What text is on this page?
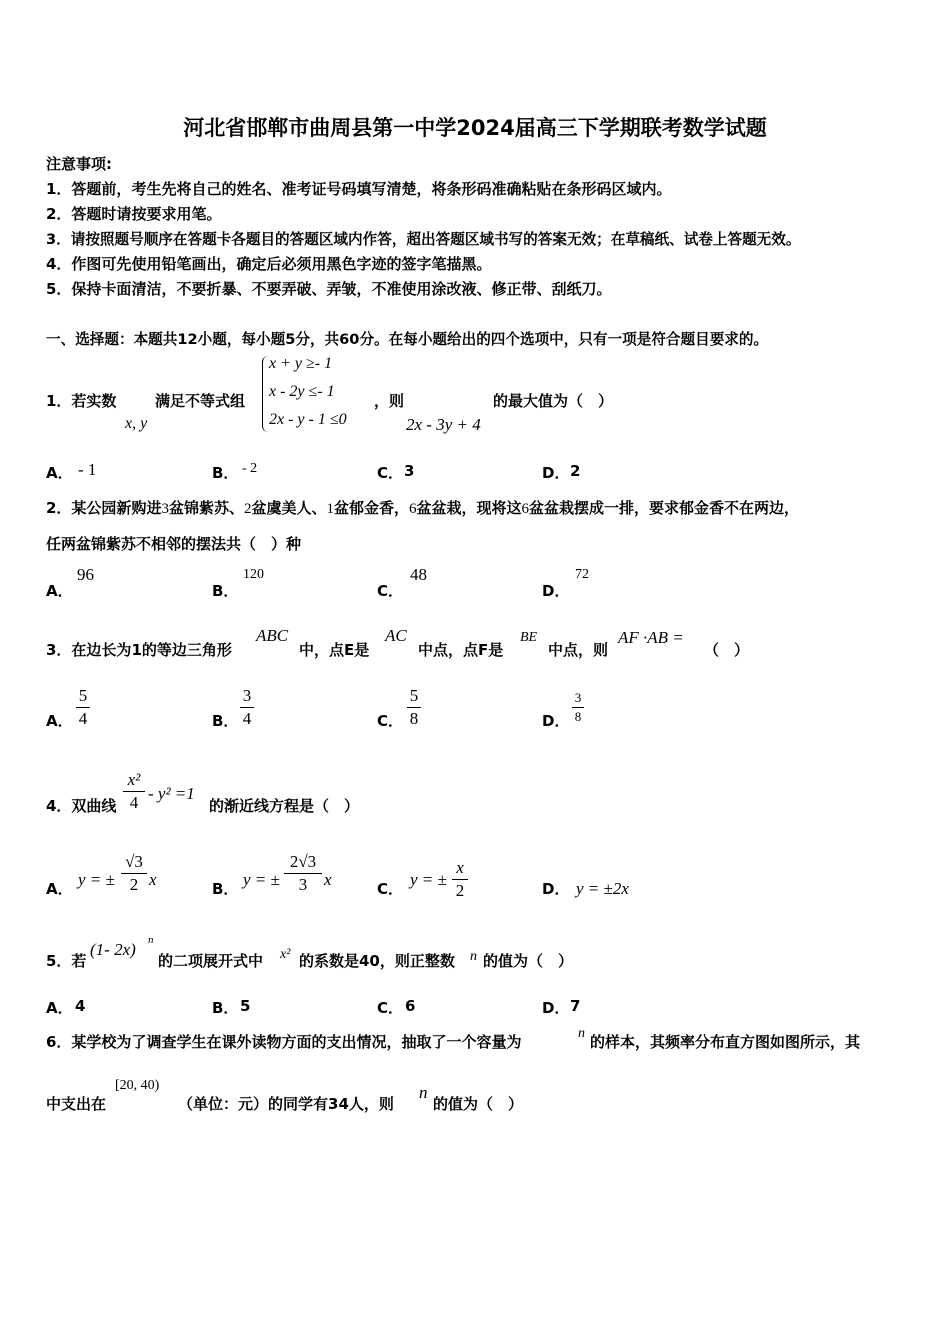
河北省邯郸市曲周县第一中学2024届高三下学期联考数学试题
注意事项:
1．答题前，考生先将自己的姓名、准考证号码填写清楚，将条形码准确粘贴在条形码区域内。
2．答题时请按要求用笔。
3．请按照题号顺序在答题卡各题目的答题区域内作答，超出答题区域书写的答案无效；在草稿纸、试卷上答题无效。
4．作图可先使用铅笔画出，确定后必须用黑色字迹的签字笔描黑。
5．保持卡面清洁，不要折暴、不要弄破、弄皱，不准使用涂改液、修正带、刮纸刀。
一、选择题：本题共12小题，每小题5分，共60分。在每小题给出的四个选项中，只有一项是符合题目要求的。
1．若实数
x, y
满足不等式组
x + y ≥- 1
x - 2y ≤- 1
2x - y - 1 ≤0
，则
2x - 3y + 4
的最大值为（　）
A． - 1	B． - 2	C． 3	D． 2
2．某公园新购进3盆锦紫苏、2盆虞美人、1盆郁金香，6盆盆栽，现将这6盆盆栽摆成一排，要求郁金香不在两边，
任两盆锦紫苏不相邻的摆法共（　）种
A．
96
B．
120
C．
48
D．
72
3．在边长为1的等边三角形
ABC
中，点E是
AC
中点，点F是
BE
中点，则
AF ·AB =
（　）
A．
5
4	B．
3
4	C．
5
8	D．
3
8
4．双曲线
x²
4 - y² =1
的渐近线方程是（　）
A． y = ±
√3
2 x	B． y = ±
2√3
3 x	C． y = ±
x
2	D． y = ±2x
5．若
(1- 2x) n
的二项展开式中 x² 的系数是40，则正整数 n 的值为（　）
A． 4	B． 5	C． 6	D． 7
6．某学校为了调查学生在课外读物方面的支出情况，抽取了一个容量为	n 的样本，其频率分布直方图如图所示，其
中支出在
[20, 40)
（单位：元）的同学有34人，则
n
的值为（　）
